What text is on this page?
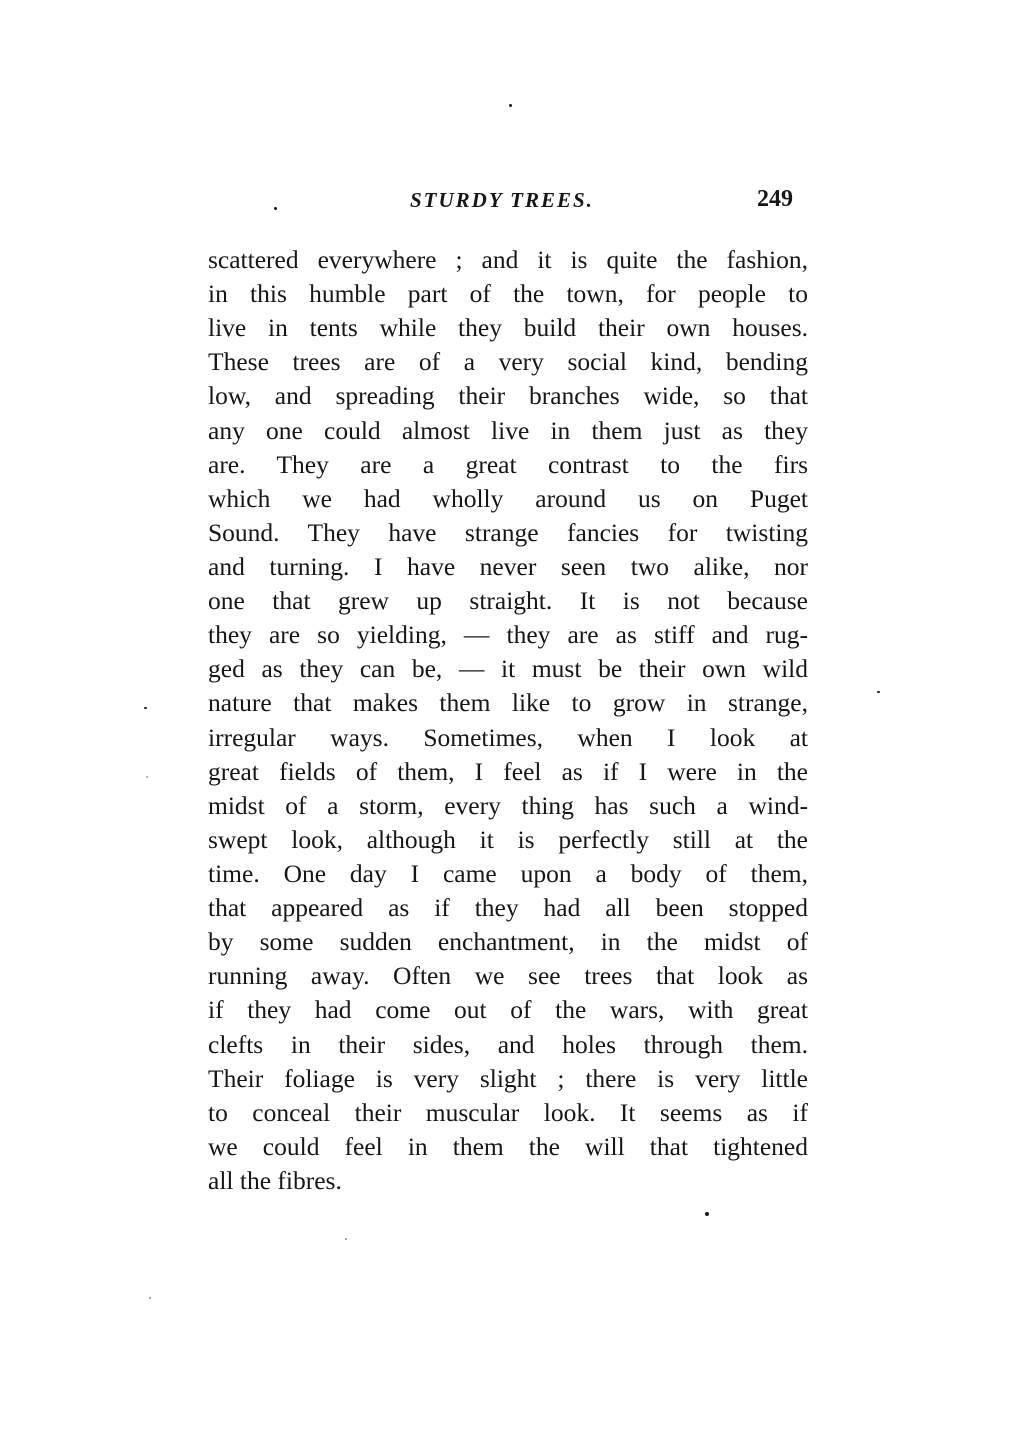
STURDY TREES.	249
scattered everywhere ; and it is quite the fashion,
in this humble part of the town, for people to
live in tents while they build their own houses.
These trees are of a very social kind, bending
low, and spreading their branches wide, so that
any one could almost live in them just as they
are. They are a great contrast to the firs
which we had wholly around us on Puget
Sound. They have strange fancies for twisting
and turning. I have never seen two alike, nor
one that grew up straight. It is not because
they are so yielding, — they are as stiff and rug-
ged as they can be, — it must be their own wild
nature that makes them like to grow in strange,
irregular ways. Sometimes, when I look at
great fields of them, I feel as if I were in the
midst of a storm, every thing has such a wind-
swept look, although it is perfectly still at the
time. One day I came upon a body of them,
that appeared as if they had all been stopped
by some sudden enchantment, in the midst of
running away. Often we see trees that look as
if they had come out of the wars, with great
clefts in their sides, and holes through them.
Their foliage is very slight ; there is very little
to conceal their muscular look. It seems as if
we could feel in them the will that tightened
all the fibres.
